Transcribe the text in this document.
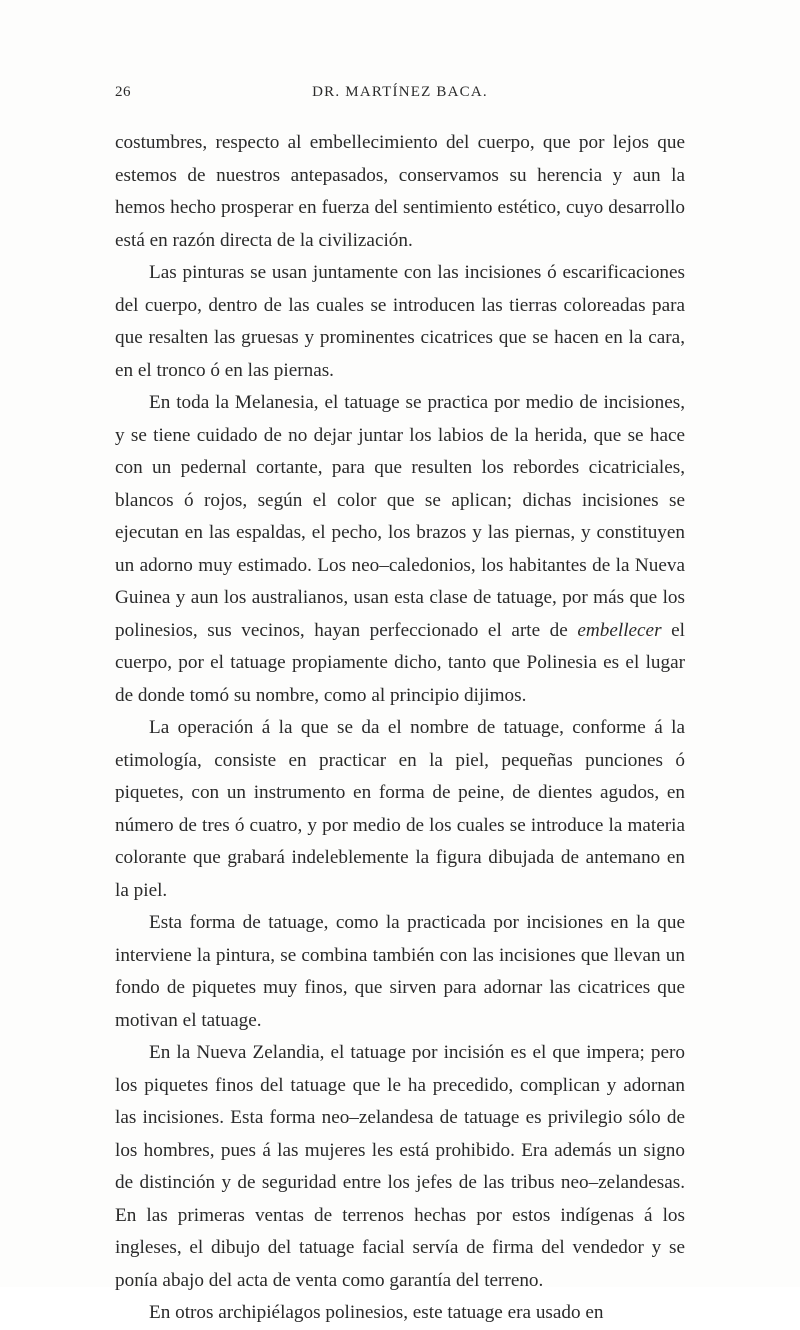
26	DR. MARTÍNEZ BACA.

costumbres, respecto al embellecimiento del cuerpo, que por lejos que estemos de nuestros antepasados, conservamos su herencia y aun la hemos hecho prosperar en fuerza del sentimiento estético, cuyo desarrollo está en razón directa de la civilización.

Las pinturas se usan juntamente con las incisiones ó escarificaciones del cuerpo, dentro de las cuales se introducen las tierras coloreadas para que resalten las gruesas y prominentes cicatrices que se hacen en la cara, en el tronco ó en las piernas.

En toda la Melanesia, el tatuage se practica por medio de incisiones, y se tiene cuidado de no dejar juntar los labios de la herida, que se hace con un pedernal cortante, para que resulten los rebordes cicatriciales, blancos ó rojos, según el color que se aplican; dichas incisiones se ejecutan en las espaldas, el pecho, los brazos y las piernas, y constituyen un adorno muy estimado. Los neo–caledonios, los habitantes de la Nueva Guinea y aun los australianos, usan esta clase de tatuage, por más que los polinesios, sus vecinos, hayan perfeccionado el arte de embellecer el cuerpo, por el tatuage propiamente dicho, tanto que Polinesia es el lugar de donde tomó su nombre, como al principio dijimos.

La operación á la que se da el nombre de tatuage, conforme á la etimología, consiste en practicar en la piel, pequeñas punciones ó piquetes, con un instrumento en forma de peine, de dientes agudos, en número de tres ó cuatro, y por medio de los cuales se introduce la materia colorante que grabará indeleblemente la figura dibujada de antemano en la piel.

Esta forma de tatuage, como la practicada por incisiones en la que interviene la pintura, se combina también con las incisiones que llevan un fondo de piquetes muy finos, que sirven para adornar las cicatrices que motivan el tatuage.

En la Nueva Zelandia, el tatuage por incisión es el que impera; pero los piquetes finos del tatuage que le ha precedido, complican y adornan las incisiones. Esta forma neo–zelandesa de tatuage es privilegio sólo de los hombres, pues á las mujeres les está prohibido. Era además un signo de distinción y de seguridad entre los jefes de las tribus neo–zelandesas. En las primeras ventas de terrenos hechas por estos indígenas á los ingleses, el dibujo del tatuage facial servía de firma del vendedor y se ponía abajo del acta de venta como garantía del terreno.

En otros archipiélagos polinesios, este tatuage era usado en
